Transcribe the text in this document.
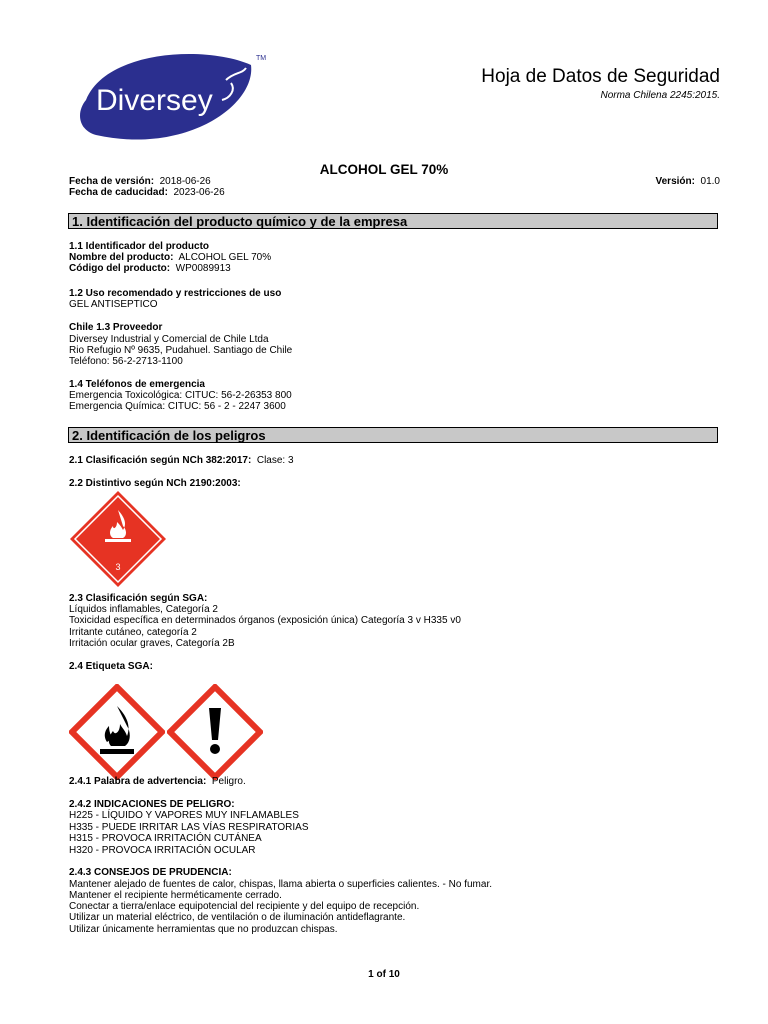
Diversey
TM
Hoja de Datos de Seguridad
Norma Chilena 2245:2015.
ALCOHOL GEL 70%
Fecha de versión: 2018-06-26
Fecha de caducidad: 2023-06-26
Versión: 01.0
1. Identificación del producto químico y de la empresa
1.1 Identificador del producto
Nombre del producto: ALCOHOL GEL 70%
Código del producto: WP0089913
1.2 Uso recomendado y restricciones de uso
GEL ANTISEPTICO
Chile 1.3 Proveedor
Diversey Industrial y Comercial de Chile Ltda
Rio Refugio Nº 9635, Pudahuel. Santiago de Chile
Teléfono: 56-2-2713-1100
1.4 Teléfonos de emergencia
Emergencia Toxicológica: CITUC: 56-2-26353 800
Emergencia Química: CITUC: 56 - 2 - 2247 3600
2. Identificación de los peligros
2.1 Clasificación según NCh 382:2017: Clase: 3
2.2 Distintivo según NCh 2190:2003:
3
2.3 Clasificación según SGA:
Líquidos inflamables, Categoría 2
Toxicidad específica en determinados órganos (exposición única) Categoría 3 v H335 v0
Irritante cutáneo, categoría 2
Irritación ocular graves, Categoría 2B
2.4 Etiqueta SGA:
2.4.1 Palabra de advertencia: Peligro.
2.4.2 INDICACIONES DE PELIGRO:
H225 - LÍQUIDO Y VAPORES MUY INFLAMABLES
H335 - PUEDE IRRITAR LAS VÍAS RESPIRATORIAS
H315 - PROVOCA IRRITACIÓN CUTÁNEA
H320 - PROVOCA IRRITACIÓN OCULAR
2.4.3 CONSEJOS DE PRUDENCIA:
Mantener alejado de fuentes de calor, chispas, llama abierta o superficies calientes. - No fumar.
Mantener el recipiente herméticamente cerrado.
Conectar a tierra/enlace equipotencial del recipiente y del equipo de recepción.
Utilizar un material eléctrico, de ventilación o de iluminación antideflagrante.
Utilizar únicamente herramientas que no produzcan chispas.
1 of 10
